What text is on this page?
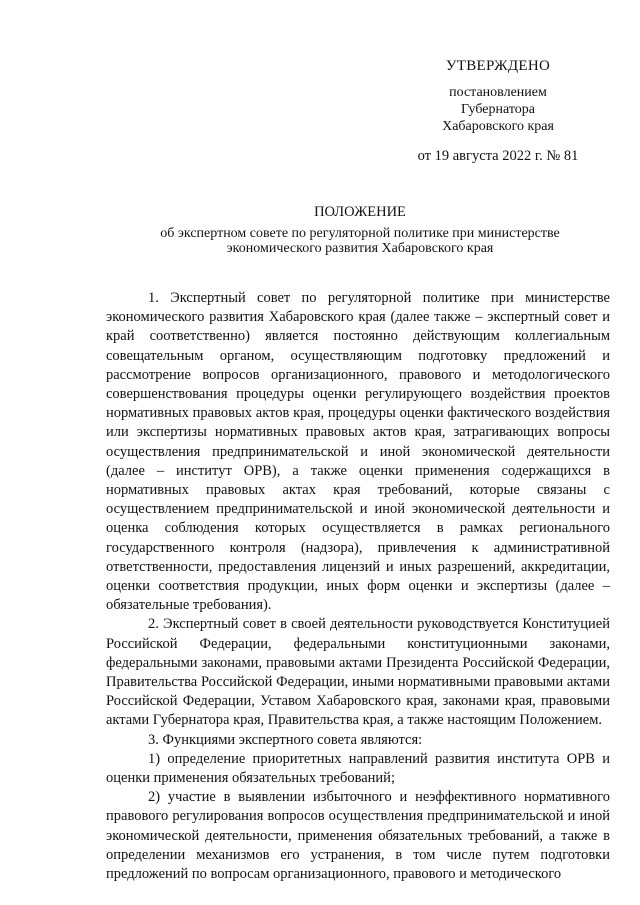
УТВЕРЖДЕНО
постановлением
Губернатора
Хабаровского края
от 19 августа 2022 г. № 81
ПОЛОЖЕНИЕ
об экспертном совете по регуляторной политике при министерстве
экономического развития Хабаровского края

1. Экспертный совет по регуляторной политике при министерстве экономического развития Хабаровского края (далее также – экспертный совет и край соответственно) является постоянно действующим коллегиальным совещательным органом, осуществляющим подготовку предложений и рассмотрение вопросов организационного, правового и методологического совершенствования процедуры оценки регулирующего воздействия проектов нормативных правовых актов края, процедуры оценки фактического воздействия или экспертизы нормативных правовых актов края, затрагивающих вопросы осуществления предпринимательской и иной экономической деятельности (далее – институт ОРВ), а также оценки применения содержащихся в нормативных правовых актах края требований, которые связаны с осуществлением предпринимательской и иной экономической деятельности и оценка соблюдения которых осуществляется в рамках регионального государственного контроля (надзора), привлечения к административной ответственности, предоставления лицензий и иных разрешений, аккредитации, оценки соответствия продукции, иных форм оценки и экспертизы (далее – обязательные требования).

2. Экспертный совет в своей деятельности руководствуется Конституцией Российской Федерации, федеральными конституционными законами, федеральными законами, правовыми актами Президента Российской Федерации, Правительства Российской Федерации, иными нормативными правовыми актами Российской Федерации, Уставом Хабаровского края, законами края, правовыми актами Губернатора края, Правительства края, а также настоящим Положением.

3. Функциями экспертного совета являются:

1) определение приоритетных направлений развития института ОРВ и оценки применения обязательных требований;

2) участие в выявлении избыточного и неэффективного нормативного правового регулирования вопросов осуществления предпринимательской и иной экономической деятельности, применения обязательных требований, а также в определении механизмов его устранения, в том числе путем подготовки предложений по вопросам организационного, правового и методического
